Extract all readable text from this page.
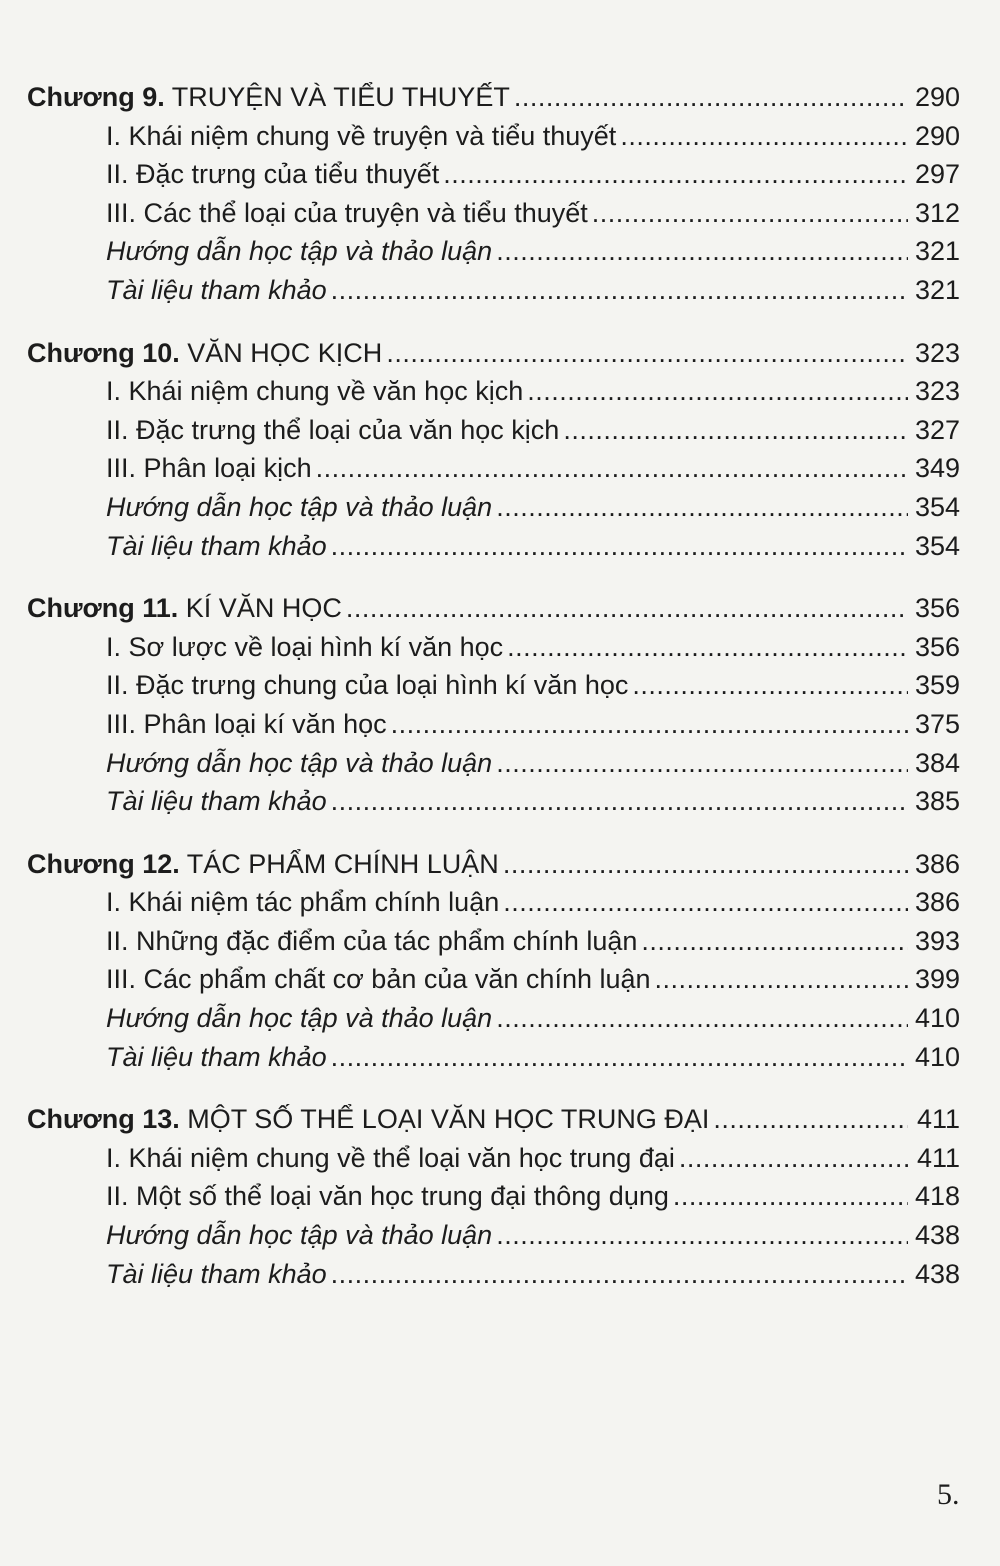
Chương 9. TRUYỆN VÀ TIỂU THUYẾT .....	290
I. Khái niệm chung về truyện và tiểu thuyết .....	290
II. Đặc trưng của tiểu thuyết .....	297
III. Các thể loại của truyện và tiểu thuyết .....	312
Hướng dẫn học tập và thảo luận .....	321
Tài liệu tham khảo .....	321
Chương 10. VĂN HỌC KỊCH .....	323
I. Khái niệm chung về văn học kịch .....	323
II. Đặc trưng thể loại của văn học kịch .....	327
III. Phân loại kịch .....	349
Hướng dẫn học tập và thảo luận .....	354
Tài liệu tham khảo .....	354
Chương 11. KÍ VĂN HỌC .....	356
I. Sơ lược về loại hình kí văn học .....	356
II. Đặc trưng chung của loại hình kí văn học .....	359
III. Phân loại kí văn học .....	375
Hướng dẫn học tập và thảo luận .....	384
Tài liệu tham khảo .....	385
Chương 12. TÁC PHẨM CHÍNH LUẬN .....	386
I. Khái niệm tác phẩm chính luận .....	386
II. Những đặc điểm của tác phẩm chính luận .....	393
III. Các phẩm chất cơ bản của văn chính luận .....	399
Hướng dẫn học tập và thảo luận .....	410
Tài liệu tham khảo .....	410
Chương 13. MỘT SỐ THỂ LOẠI VĂN HỌC TRUNG ĐẠI .....	411
I. Khái niệm chung về thể loại văn học trung đại .....	411
II. Một số thể loại văn học trung đại thông dụng .....	418
Hướng dẫn học tập và thảo luận .....	438
Tài liệu tham khảo .....	438
5.
